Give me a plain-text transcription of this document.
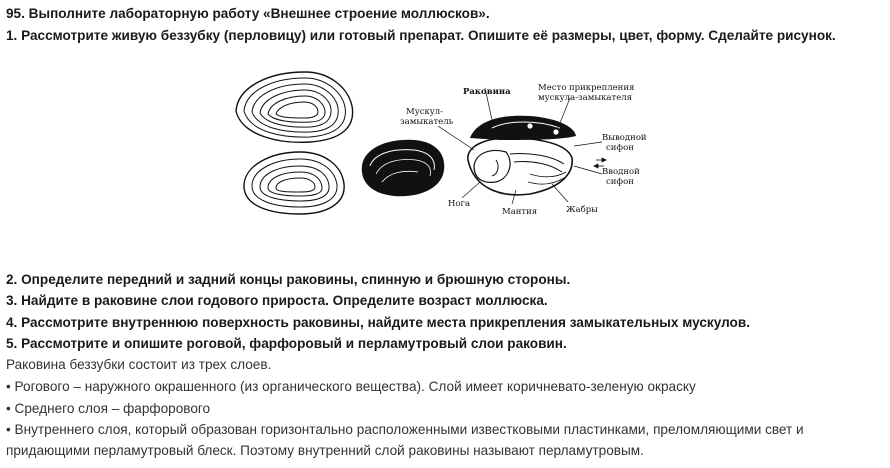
95. Выполните лабораторную работу «Внешнее строение моллюсков».
1. Рассмотрите живую беззубку (перловицу) или готовый препарат. Опишите её размеры, цвет, форму. Сделайте рисунок.
Раковина	Место прикрепления
мускула-замыкателя
Мускул-
замыкатель
Выводной
сифон
Вводной
сифон
Нога
Мантия	Жабры
2. Определите передний и задний концы раковины, спинную и брюшную стороны.
3. Найдите в раковине слои годового прироста. Определите возраст моллюска.
4. Рассмотрите внутреннюю поверхность раковины, найдите места прикрепления замыкательных мускулов.
5. Рассмотрите и опишите роговой, фарфоровый и перламутровый слои раковин.
Раковина беззубки состоит из трех слоев.
• Рогового – наружного окрашенного (из органического вещества). Слой имеет коричневато-зеленую окраску
• Среднего слоя – фарфорового
• Внутреннего слоя, который образован горизонтально расположенными известковыми пластинками, преломляющими свет и
придающими перламутровый блеск. Поэтому внутренний слой раковины называют перламутровым.
